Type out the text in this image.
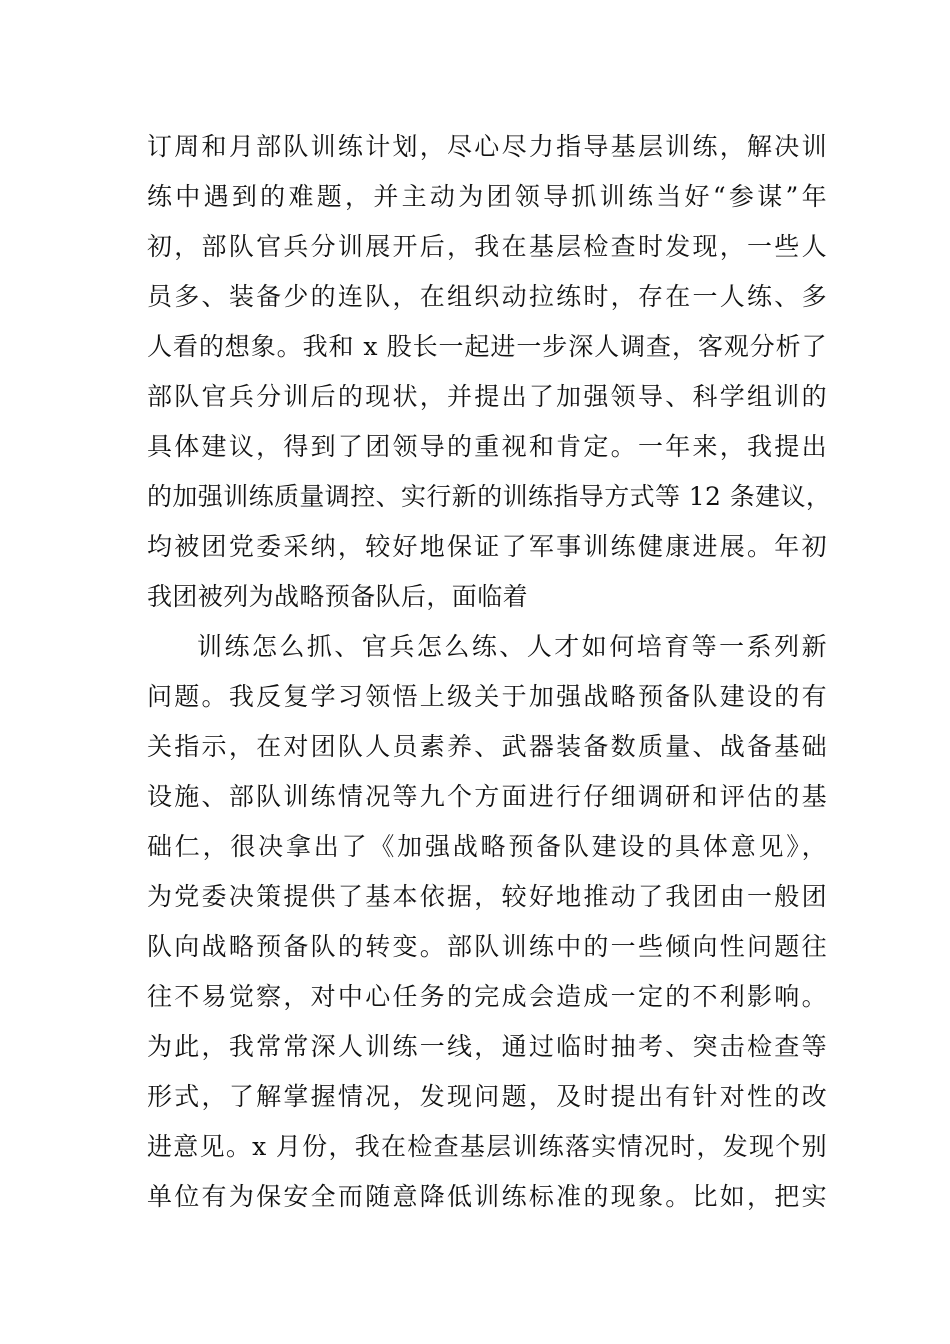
订周和月部队训练计划，尽心尽力指导基层训练，解决训
练中遇到的难题，并主动为团领导抓训练当好“参谋”年
初，部队官兵分训展开后，我在基层检查时发现，一些人
员多、装备少的连队，在组织动拉练时，存在一人练、多
人看的想象。我和 x 股长一起进一步深人调查，客观分析了
部队官兵分训后的现状，并提出了加强领导、科学组训的
具体建议，得到了团领导的重视和肯定。一年来，我提出
的加强训练质量调控、实行新的训练指导方式等 12 条建议，
均被团党委采纳，较好地保证了军事训练健康进展。年初
我团被列为战略预备队后，面临着
训练怎么抓、官兵怎么练、人才如何培育等一系列新
问题。我反复学习领悟上级关于加强战略预备队建设的有
关指示，在对团队人员素养、武器装备数质量、战备基础
设施、部队训练情况等九个方面进行仔细调研和评估的基
础仁，很决拿出了《加强战略预备队建设的具体意见》，
为党委决策提供了基本依据，较好地推动了我团由一般团
队向战略预备队的转变。部队训练中的一些倾向性问题往
往不易觉察，对中心任务的完成会造成一定的不利影响。
为此，我常常深人训练一线，通过临时抽考、突击检查等
形式，了解掌握情况，发现问题，及时提出有针对性的改
进意见。x 月份，我在检查基层训练落实情况时，发现个别
单位有为保安全而随意降低训练标准的现象。比如，把实
